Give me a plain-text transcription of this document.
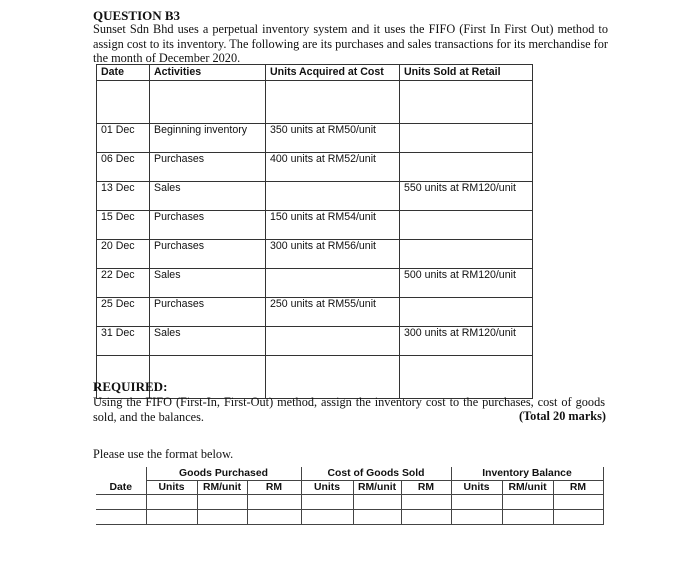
QUESTION B3
Sunset Sdn Bhd uses a perpetual inventory system and it uses the FIFO (First In First Out) method to assign cost to its inventory. The following are its purchases and sales transactions for its merchandise for the month of December 2020.
Date	Activities	Units Acquired at Cost	Units Sold at Retail

01 Dec	Beginning inventory	350 units at RM50/unit	
06 Dec	Purchases	400 units at RM52/unit	
13 Dec	Sales		550 units at RM120/unit
15 Dec	Purchases	150 units at RM54/unit	
20 Dec	Purchases	300 units at RM56/unit	
22 Dec	Sales		500 units at RM120/unit
25 Dec	Purchases	250 units at RM55/unit	
31 Dec	Sales		300 units at RM120/unit

REQUIRED:
Using the FIFO (First-In, First-Out) method, assign the inventory cost to the purchases, cost of goods sold, and the balances.	(Total 20 marks)
Please use the format below.
	Goods Purchased			Cost of Goods Sold			Inventory Balance		
Date	Units	RM/unit	RM	Units	RM/unit	RM	Units	RM/unit	RM
